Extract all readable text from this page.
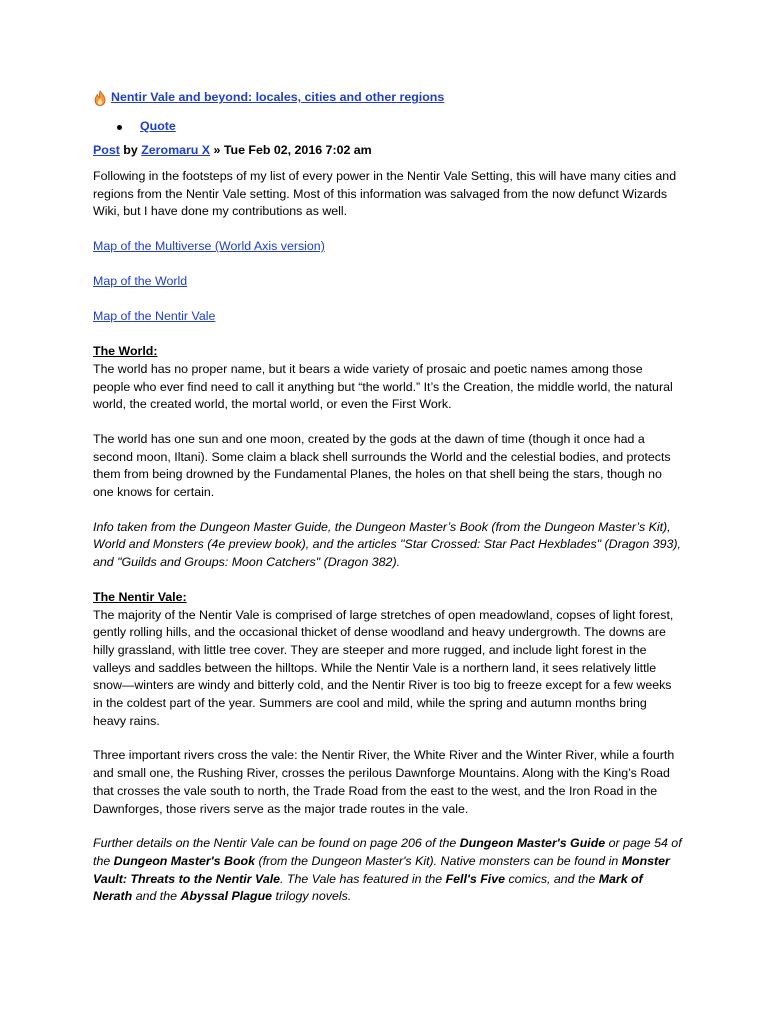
Nentir Vale and beyond: locales, cities and other regions
Quote
Post by Zeromaru X » Tue Feb 02, 2016 7:02 am

Following in the footsteps of my list of every power in the Nentir Vale Setting, this will have many cities and regions from the Nentir Vale setting. Most of this information was salvaged from the now defunct Wizards Wiki, but I have done my contributions as well.

Map of the Multiverse (World Axis version)

Map of the World

Map of the Nentir Vale

The World:

The world has no proper name, but it bears a wide variety of prosaic and poetic names among those people who ever find need to call it anything but “the world.” It’s the Creation, the middle world, the natural world, the created world, the mortal world, or even the First Work.

The world has one sun and one moon, created by the gods at the dawn of time (though it once had a second moon, Iltani). Some claim a black shell surrounds the World and the celestial bodies, and protects them from being drowned by the Fundamental Planes, the holes on that shell being the stars, though no one knows for certain.

Info taken from the Dungeon Master Guide, the Dungeon Master’s Book (from the Dungeon Master’s Kit), World and Monsters (4e preview book), and the articles "Star Crossed: Star Pact Hexblades" (Dragon 393), and "Guilds and Groups: Moon Catchers" (Dragon 382).

The Nentir Vale:

The majority of the Nentir Vale is comprised of large stretches of open meadowland, copses of light forest, gently rolling hills, and the occasional thicket of dense woodland and heavy undergrowth. The downs are hilly grassland, with little tree cover. They are steeper and more rugged, and include light forest in the valleys and saddles between the hilltops. While the Nentir Vale is a northern land, it sees relatively little snow—winters are windy and bitterly cold, and the Nentir River is too big to freeze except for a few weeks in the coldest part of the year. Summers are cool and mild, while the spring and autumn months bring heavy rains.

Three important rivers cross the vale: the Nentir River, the White River and the Winter River, while a fourth and small one, the Rushing River, crosses the perilous Dawnforge Mountains. Along with the King’s Road that crosses the vale south to north, the Trade Road from the east to the west, and the Iron Road in the Dawnforges, those rivers serve as the major trade routes in the vale.

Further details on the Nentir Vale can be found on page 206 of the Dungeon Master's Guide or page 54 of the Dungeon Master's Book (from the Dungeon Master's Kit). Native monsters can be found in Monster Vault: Threats to the Nentir Vale. The Vale has featured in the Fell's Five comics, and the Mark of Nerath and the Abyssal Plague trilogy novels.
